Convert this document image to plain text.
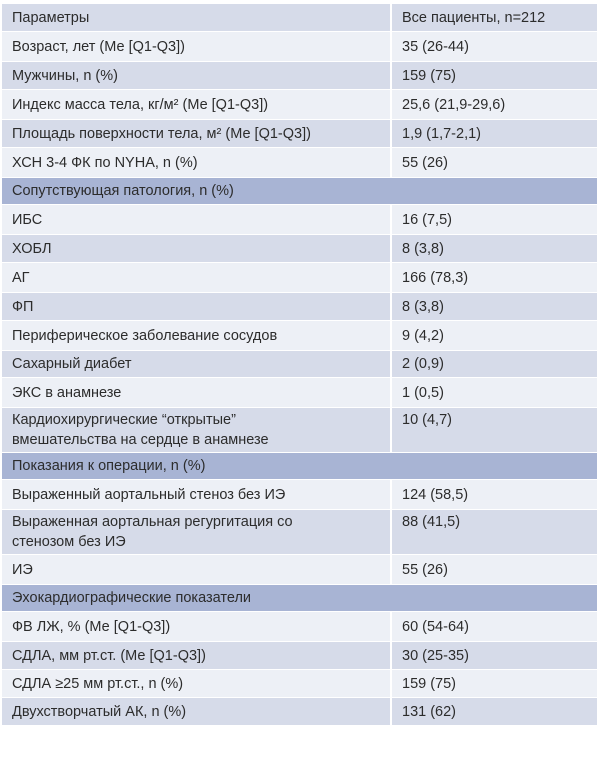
Параметры	Все пациенты, n=212
Возраст, лет (Ме [Q1-Q3])	35 (26-44)
Мужчины, n (%)	159 (75)
Индекс масса тела, кг/м² (Ме [Q1-Q3])	25,6 (21,9-29,6)
Площадь поверхности тела, м² (Ме [Q1-Q3])	1,9 (1,7-2,1)
ХСН 3-4 ФК по NYHA, n (%)	55 (26)
Сопутствующая патология, n (%)	
ИБС	16 (7,5)
ХОБЛ	8 (3,8)
АГ	166 (78,3)
ФП	8 (3,8)
Периферическое заболевание сосудов	9 (4,2)
Сахарный диабет	2 (0,9)
ЭКС в анамнезе	1 (0,5)
Кардиохирургические “открытые”
вмешательства на сердце в анамнезе	10 (4,7)
Показания к операции, n (%)	
Выраженный аортальный стеноз без ИЭ	124 (58,5)
Выраженная аортальная регургитация со
стенозом без ИЭ	88 (41,5)
ИЭ	55 (26)
Эхокардиографические показатели	
ФВ ЛЖ, % (Ме [Q1-Q3])	60 (54-64)
СДЛА, мм рт.ст. (Ме [Q1-Q3])	30 (25-35)
СДЛА ≥25 мм рт.ст., n (%)	159 (75)
Двухстворчатый АК, n (%)	131 (62)
